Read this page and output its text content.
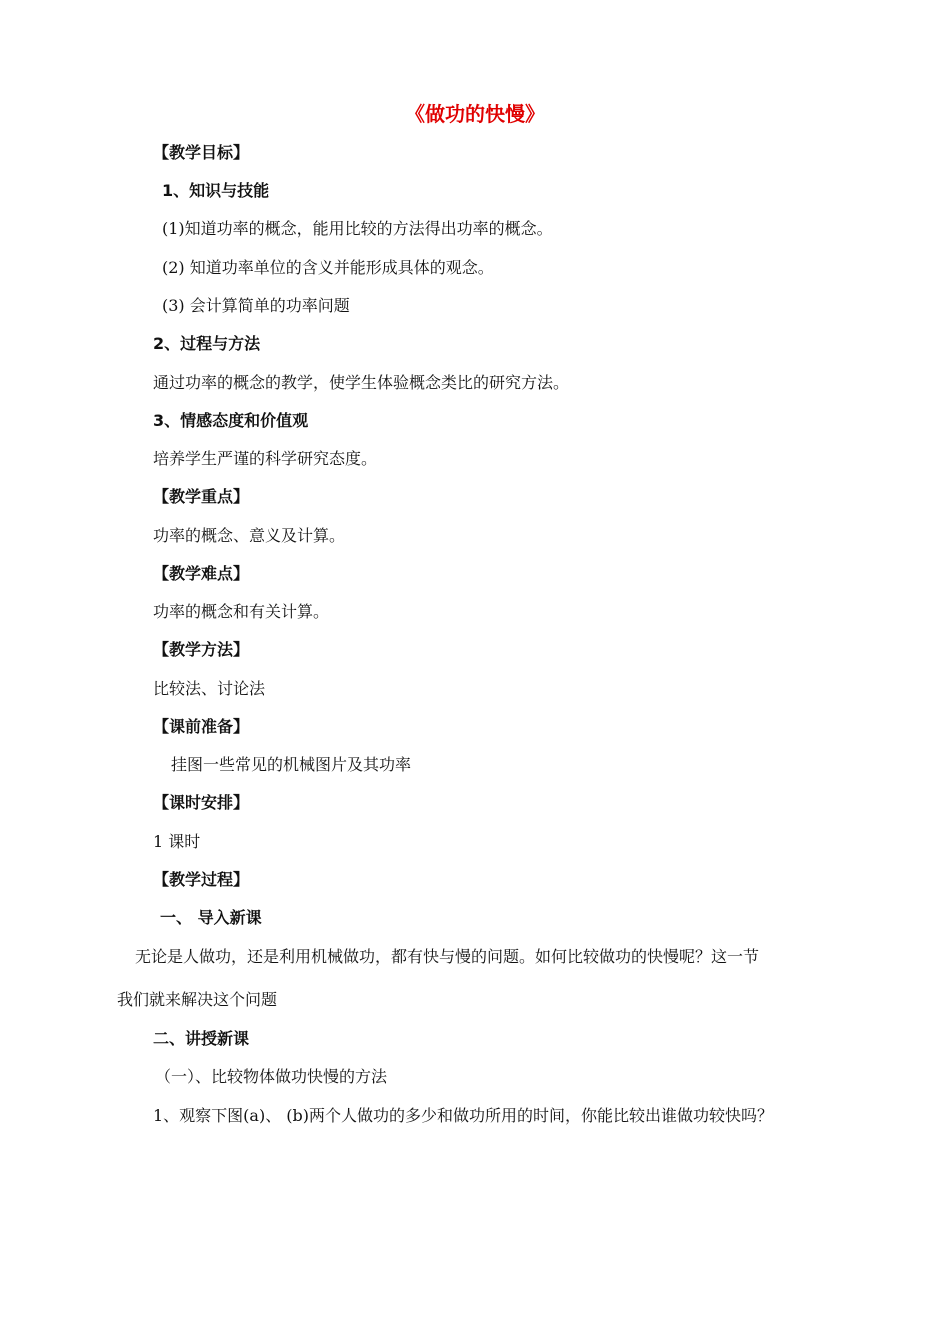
《做功的快慢》
【教学目标】
1、知识与技能
(1)知道功率的概念，能用比较的方法得出功率的概念。
(2) 知道功率单位的含义并能形成具体的观念。
(3) 会计算简单的功率问题
2、过程与方法
通过功率的概念的教学，使学生体验概念类比的研究方法。
3、情感态度和价值观
培养学生严谨的科学研究态度。
【教学重点】
功率的概念、意义及计算。
【教学难点】
功率的概念和有关计算。
【教学方法】
比较法、讨论法
【课前准备】
挂图一些常见的机械图片及其功率
【课时安排】
1 课时
【教学过程】
一、 导入新课
无论是人做功，还是利用机械做功，都有快与慢的问题。如何比较做功的快慢呢？这一节
我们就来解决这个问题
二、讲授新课
（一）、比较物体做功快慢的方法
1、观察下图(a)、 (b)两个人做功的多少和做功所用的时间，你能比较出谁做功较快吗？
